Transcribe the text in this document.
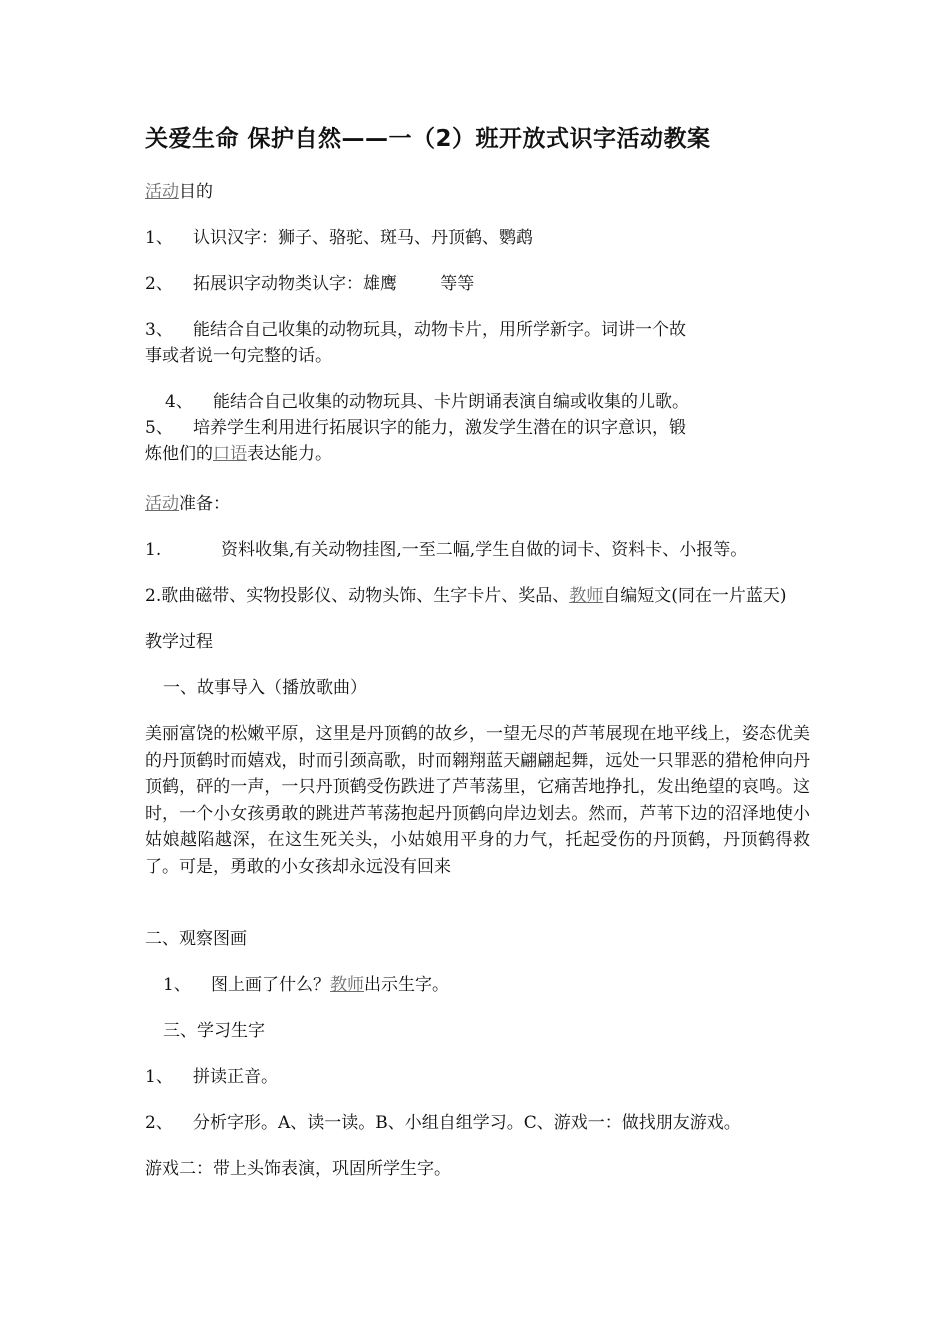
关爱生命 保护自然——一（2）班开放式识字活动教案

活动目的

1、 认识汉字：狮子、骆驼、斑马、丹顶鹤、鹦鹉

2、 拓展识字动物类认字：雄鹰        等等

3、 能结合自己收集的动物玩具，动物卡片，用所学新字。词讲一个故

事或者说一句完整的话。

4、 能结合自己收集的动物玩具、卡片朗诵表演自编或收集的儿歌。

5、 培养学生利用进行拓展识字的能力，激发学生潜在的识字意识，锻

炼他们的口语表达能力。

活动准备：

1.	资料收集,有关动物挂图,一至二幅,学生自做的词卡、资料卡、小报等。

2.歌曲磁带、实物投影仪、动物头饰、生字卡片、奖品、教师自编短文(同在一片蓝天)

教学过程

一、故事导入（播放歌曲）

美丽富饶的松嫩平原，这里是丹顶鹤的故乡，一望无尽的芦苇展现在地平线上，姿态优美的丹顶鹤时而嬉戏，时而引颈高歌，时而翱翔蓝天翩翩起舞，远处一只罪恶的猎枪伸向丹顶鹤，砰的一声，一只丹顶鹤受伤跌进了芦苇荡里，它痛苦地挣扎，发出绝望的哀鸣。这时，一个小女孩勇敢的跳进芦苇荡抱起丹顶鹤向岸边划去。然而，芦苇下边的沼泽地使小姑娘越陷越深，在这生死关头，小姑娘用平身的力气，托起受伤的丹顶鹤，丹顶鹤得救了。可是，勇敢的小女孩却永远没有回来

二、观察图画

1、 图上画了什么？教师出示生字。

三、学习生字

1、 拼读正音。

2、 分析字形。A、读一读。B、小组自组学习。C、游戏一：做找朋友游戏。

游戏二：带上头饰表演，巩固所学生字。
